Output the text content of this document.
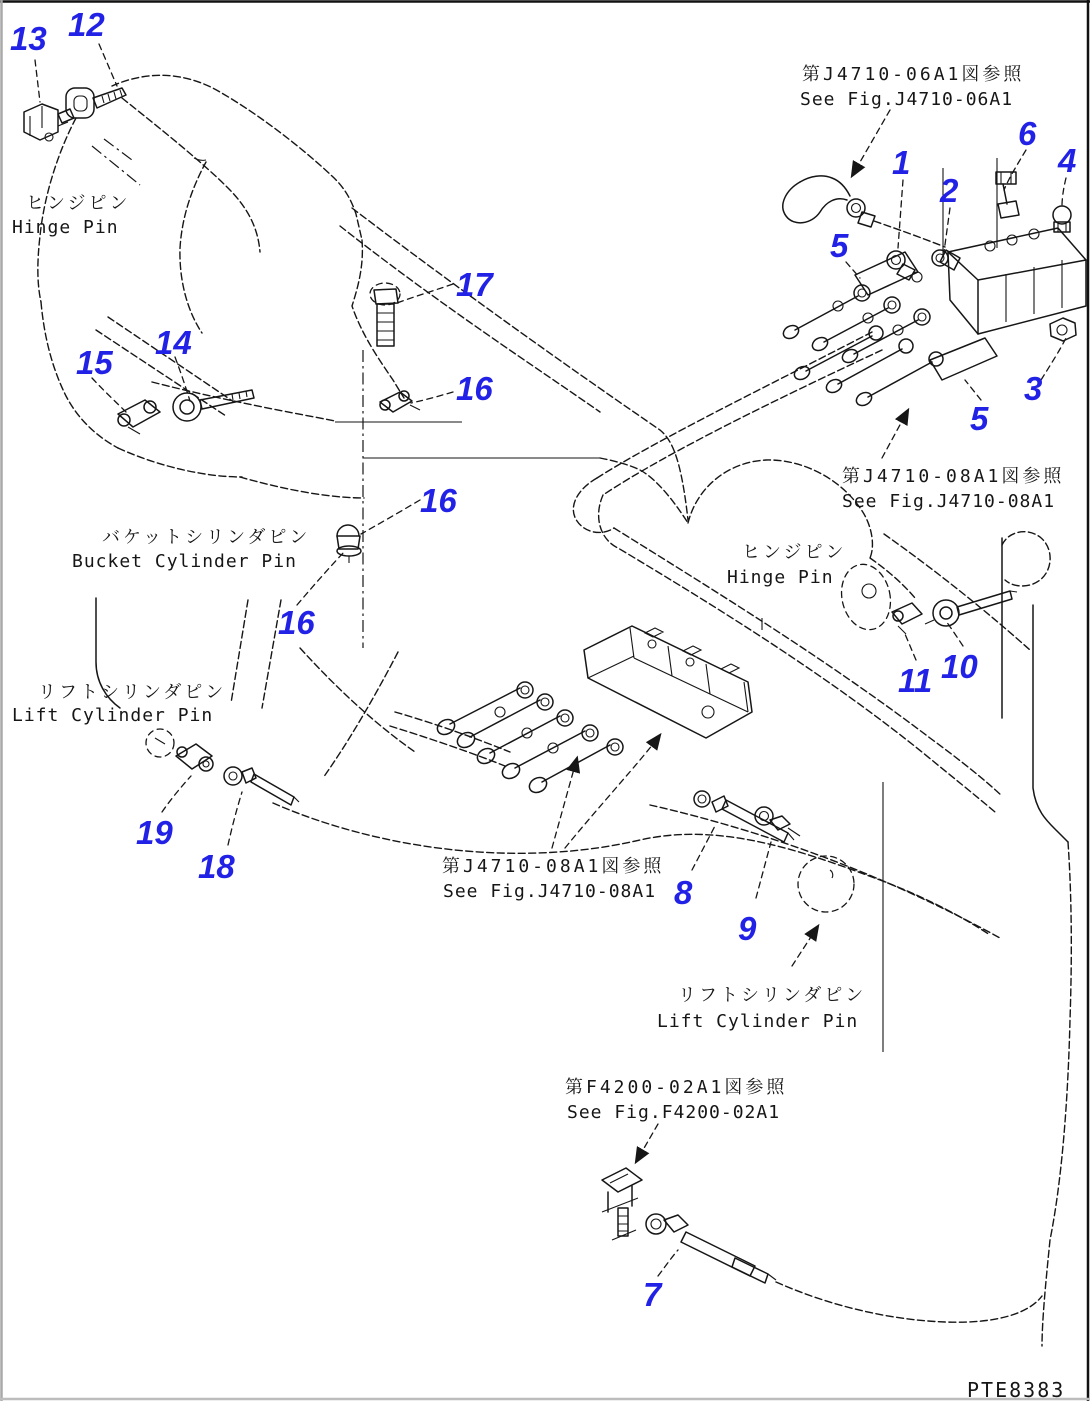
13 12
17
16
15
14
16
16
1
2
5
6
4
3
5
11 10
19
18
8
9
7
ヒンジピン
Hinge Pin
第J4710-06A1図参照
See Fig.J4710-06A1
第J4710-08A1図参照
See Fig.J4710-08A1
ヒンジピン
Hinge Pin
バケットシリンダピン
Bucket Cylinder Pin
リフトシリンダピン
Lift Cylinder Pin
第J4710-08A1図参照
See Fig.J4710-08A1
リフトシリンダピン
Lift Cylinder Pin
第F4200-02A1図参照
See Fig.F4200-02A1
PTE8383
